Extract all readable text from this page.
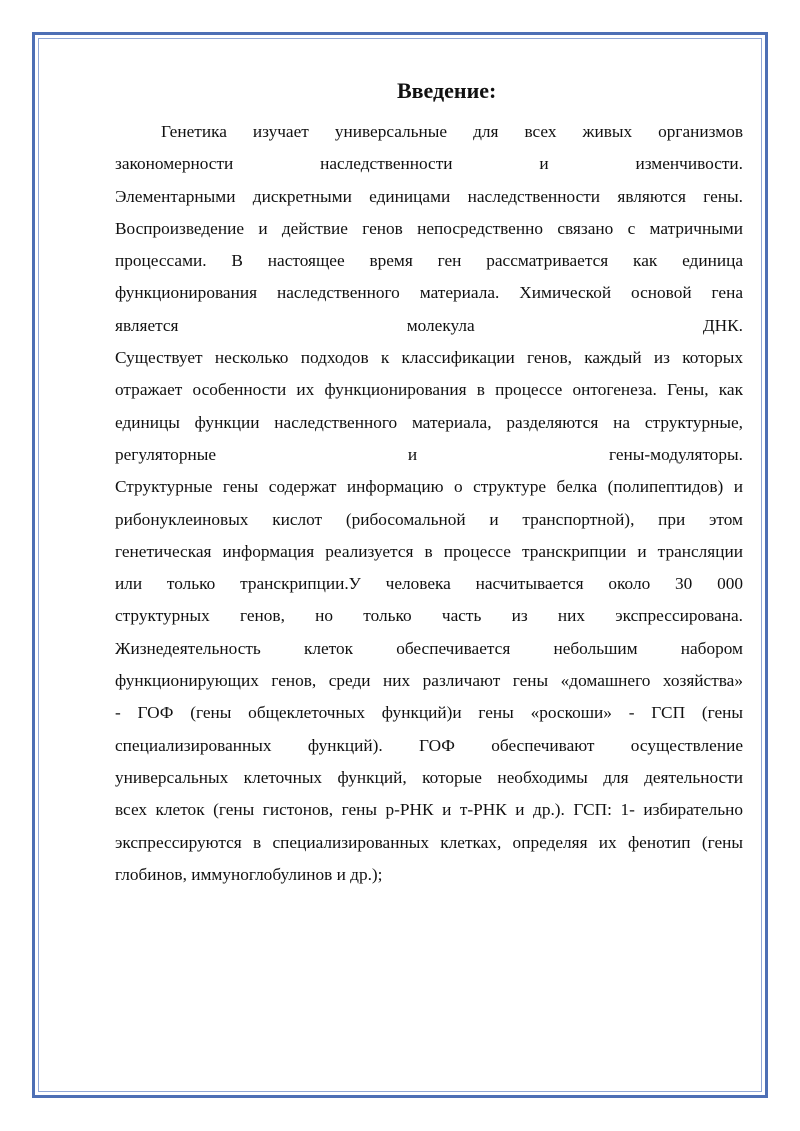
Введение:
Генетика изучает универсальные для всех живых организмов
закономерности наследственности и изменчивости.
Элементарными дискретными единицами наследственности являются гены.
Воспроизведение и действие генов непосредственно связано с матричными
процессами. В настоящее время ген рассматривается как единица
функционирования наследственного материала. Химической основой гена
является молекула ДНК.
Существует несколько подходов к классификации генов, каждый из которых
отражает особенности их функционирования в процессе онтогенеза. Гены, как
единицы функции наследственного материала, разделяются на структурные,
регуляторные и гены-модуляторы.
Структурные гены содержат информацию о структуре белка (полипептидов) и
рибонуклеиновых кислот (рибосомальной и транспортной), при этом
генетическая информация реализуется в процессе транскрипции и трансляции
или только транскрипции.У человека насчитывается около 30 000
структурных генов, но только часть из них экспрессирована.
Жизнедеятельность клеток обеспечивается небольшим набором
функционирующих генов, среди них различают гены «домашнего хозяйства»
- ГОФ (гены общеклеточных функций)и гены «роскоши» - ГСП (гены
специализированных функций). ГОФ обеспечивают осуществление
универсальных клеточных функций, которые необходимы для деятельности
всех клеток (гены гистонов, гены р-РНК и т-РНК и др.). ГСП: 1- избирательно
экспрессируются в специализированных клетках, определяя их фенотип (гены
глобинов, иммуноглобулинов и др.);
